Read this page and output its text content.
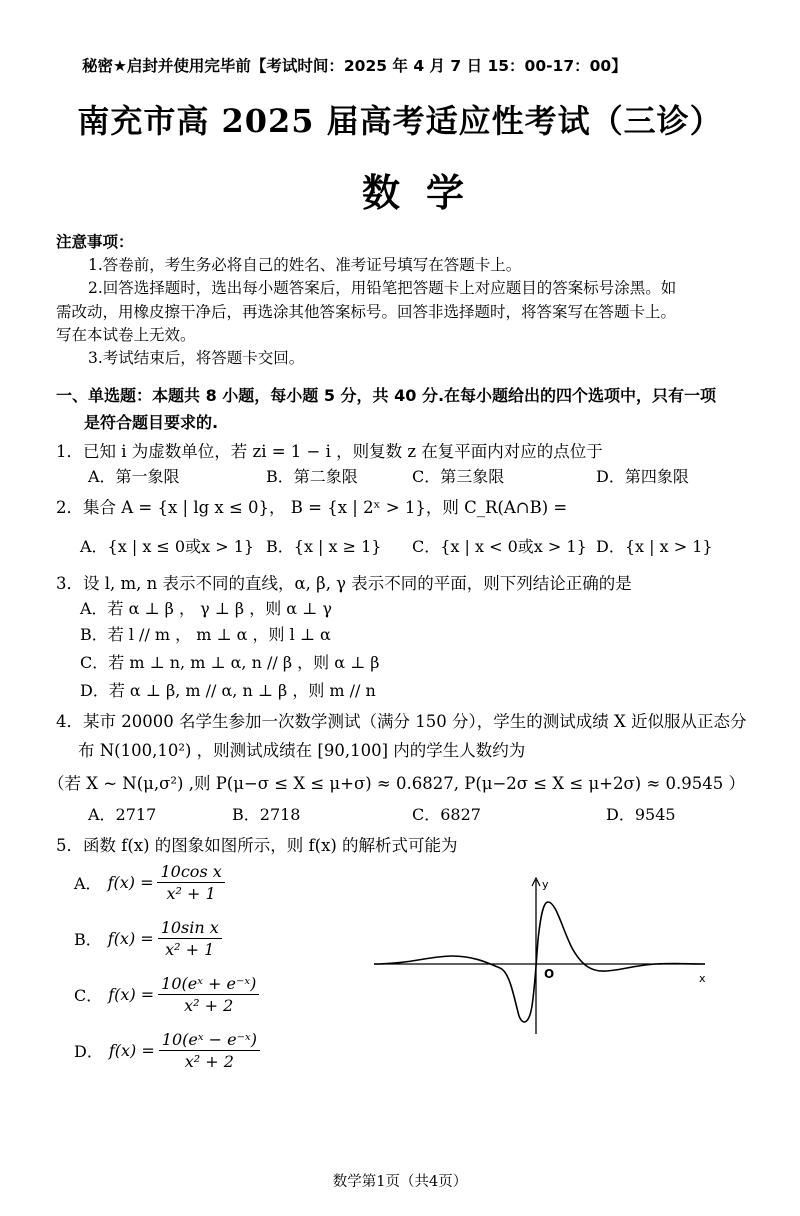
秘密★启封并使用完毕前【考试时间：2025 年 4 月 7 日 15：00-17：00】
南充市高 2025 届高考适应性考试（三诊）
数学
注意事项：
1.答卷前，考生务必将自己的姓名、准考证号填写在答题卡上。
2.回答选择题时，选出每小题答案后，用铅笔把答题卡上对应题目的答案标号涂黑。如
需改动，用橡皮擦干净后，再选涂其他答案标号。回答非选择题时，将答案写在答题卡上。
写在本试卷上无效。
3.考试结束后，将答题卡交回。
一、单选题：本题共 8 小题，每小题 5 分，共 40 分.在每小题给出的四个选项中，只有一项
是符合题目要求的.
1．已知 i 为虚数单位，若 zi = 1 − i ，则复数 z 在复平面内对应的点位于
A．第一象限	B．第二象限	C．第三象限	D．第四象限
2．集合 A = {x | lg x ≤ 0}， B = {x | 2ˣ > 1}，则 C_R(A∩B) =
A．{x | x ≤ 0或x > 1} B．{x | x ≥ 1} C．{x | x < 0或x > 1} D．{x | x > 1}
3．设 l, m, n 表示不同的直线，α, β, γ 表示不同的平面，则下列结论正确的是
A．若 α ⊥ β ， γ ⊥ β ，则 α ⊥ γ
B．若 l // m ， m ⊥ α ，则 l ⊥ α
C．若 m ⊥ n, m ⊥ α, n // β ，则 α ⊥ β
D．若 α ⊥ β, m // α, n ⊥ β ，则 m // n
4．某市 20000 名学生参加一次数学测试（满分 150 分），学生的测试成绩 X 近似服从正态分
布 N(100,10²) ，则测试成绩在 [90,100] 内的学生人数约为
（若 X ~ N(μ,σ²) ,则 P(μ−σ ≤ X ≤ μ+σ) ≈ 0.6827, P(μ−2σ ≤ X ≤ μ+2σ) ≈ 0.9545 ）
A．2717	B．2718	C．6827	D．9545
5．函数 f(x) 的图象如图所示，则 f(x) 的解析式可能为
A． $f(x) = \frac{\text{10cos x}}{\text{x² + 1}}$
B． $f(x) = \frac{\text{10sin x}}{\text{x² + 1}}$
C． $f(x) = \frac{\text{10(eˣ + e⁻ˣ)}}{\text{x² + 2}}$
D． $f(x) = \frac{\text{10(eˣ − e⁻ˣ)}}{\text{x² + 2}}$
y
x
O
数学第1页（共4页）
